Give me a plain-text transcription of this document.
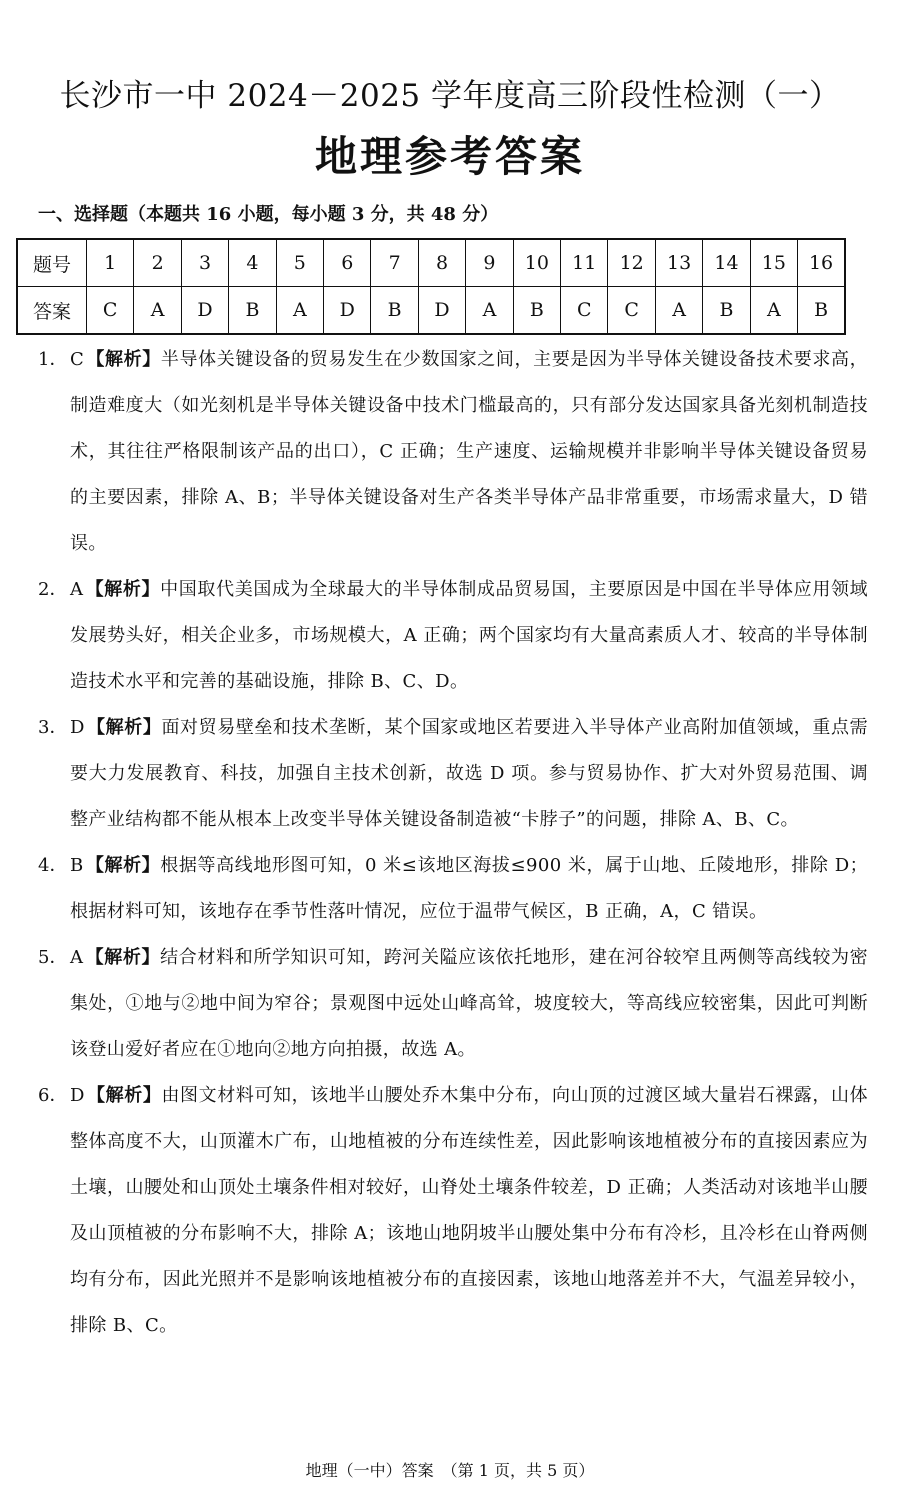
长沙市一中 2024－2025 学年度高三阶段性检测（一）
地理参考答案
一、选择题（本题共 16 小题，每小题 3 分，共 48 分）
题号	1	2	3	4	5	6	7	8	9	10	11	12	13	14	15	16
答案	C	A	D	B	A	D	B	D	A	B	C	C	A	B	A	B
1． C 【解析】半导体关键设备的贸易发生在少数国家之间，主要是因为半导体关键设备技术要求高，制造难度大（如光刻机是半导体关键设备中技术门槛最高的，只有部分发达国家具备光刻机制造技术，其往往严格限制该产品的出口），C 正确；生产速度、运输规模并非影响半导体关键设备贸易的主要因素，排除 A、B；半导体关键设备对生产各类半导体产品非常重要，市场需求量大，D 错误。
2． A 【解析】中国取代美国成为全球最大的半导体制成品贸易国，主要原因是中国在半导体应用领域发展势头好，相关企业多，市场规模大，A 正确；两个国家均有大量高素质人才、较高的半导体制造技术水平和完善的基础设施，排除 B、C、D。
3． D 【解析】面对贸易壁垒和技术垄断，某个国家或地区若要进入半导体产业高附加值领域，重点需要大力发展教育、科技，加强自主技术创新，故选 D 项。参与贸易协作、扩大对外贸易范围、调整产业结构都不能从根本上改变半导体关键设备制造被“卡脖子”的问题，排除 A、B、C。
4． B 【解析】根据等高线地形图可知，0 米≤该地区海拔≤900 米，属于山地、丘陵地形，排除 D；根据材料可知，该地存在季节性落叶情况，应位于温带气候区，B 正确，A，C 错误。
5． A 【解析】结合材料和所学知识可知，跨河关隘应该依托地形，建在河谷较窄且两侧等高线较为密集处，①地与②地中间为窄谷；景观图中远处山峰高耸，坡度较大，等高线应较密集，因此可判断该登山爱好者应在①地向②地方向拍摄，故选 A。
6． D 【解析】由图文材料可知，该地半山腰处乔木集中分布，向山顶的过渡区域大量岩石裸露，山体整体高度不大，山顶灌木广布，山地植被的分布连续性差，因此影响该地植被分布的直接因素应为土壤，山腰处和山顶处土壤条件相对较好，山脊处土壤条件较差，D 正确；人类活动对该地半山腰及山顶植被的分布影响不大，排除 A；该地山地阴坡半山腰处集中分布有冷杉，且冷杉在山脊两侧均有分布，因此光照并不是影响该地植被分布的直接因素，该地山地落差并不大，气温差异较小，排除 B、C。
地理（一中）答案　（第 1 页，共 5 页）
